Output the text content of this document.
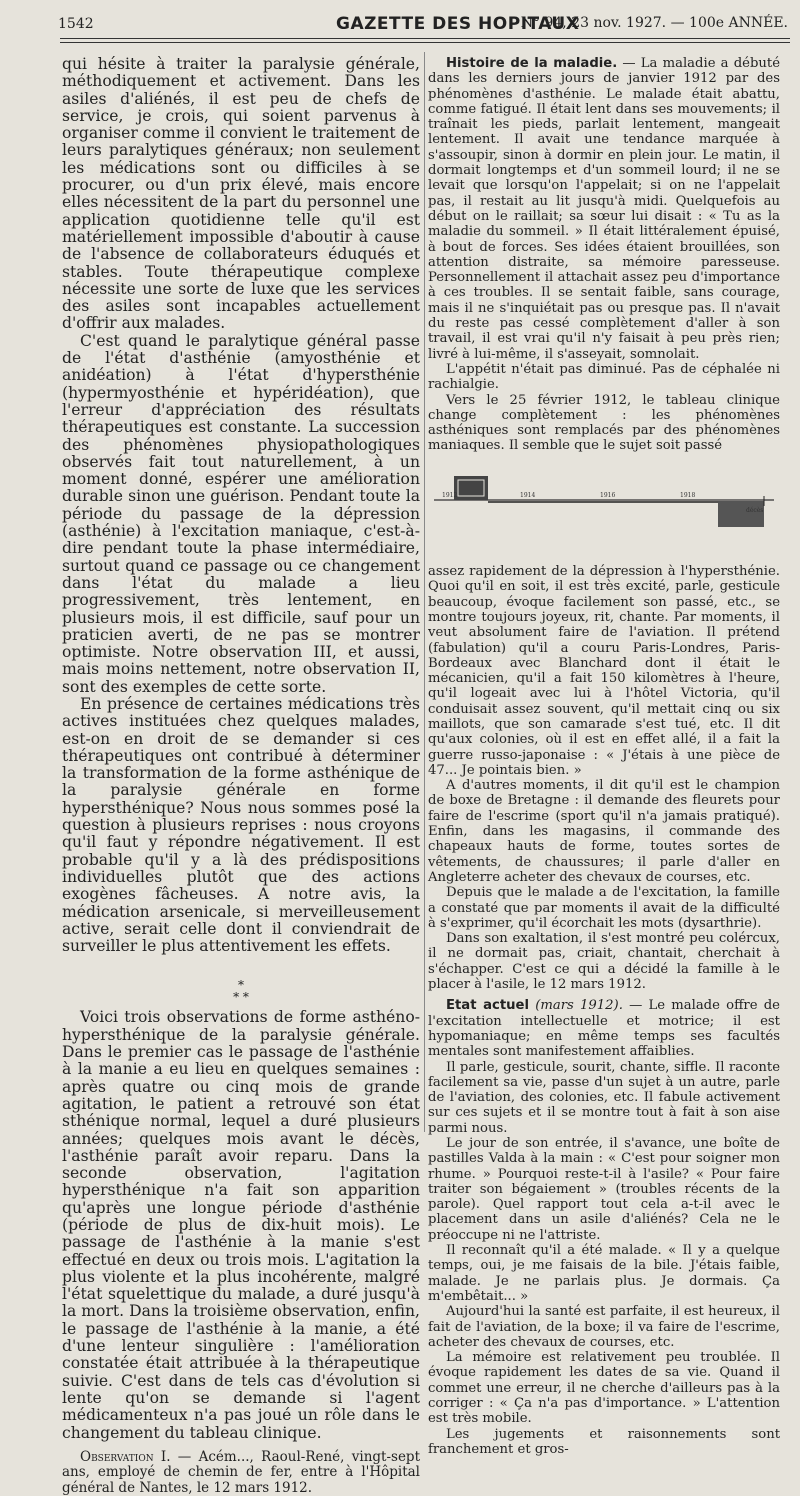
1542	GAZETTE DES HOPITAUX
N° 94, 23 nov. 1927. — 100e ANNÉE.

qui hésite à traiter la paralysie générale, méthodiquement et activement. Dans les asiles d'aliénés, il est peu de chefs de service, je crois, qui soient parvenus à organiser comme il convient le traitement de leurs paralytiques généraux; non seulement les médications sont ou difficiles à se procurer, ou d'un prix élevé, mais encore elles nécessitent de la part du personnel une application quotidienne telle qu'il est matériellement impossible d'aboutir à cause de l'absence de collaborateurs éduqués et stables. Toute thérapeutique complexe nécessite une sorte de luxe que les services des asiles sont incapables actuellement d'offrir aux malades.

C'est quand le paralytique général passe de l'état d'asthénie (amyosthénie et anidéation) à l'état d'hypersthénie (hypermyosthénie et hypéridéation), que l'erreur d'appréciation des résultats thérapeutiques est constante. La succession des phénomènes physiopathologiques observés fait tout naturellement, à un moment donné, espérer une amélioration durable sinon une guérison. Pendant toute la période du passage de la dépression (asthénie) à l'excitation maniaque, c'est-à-dire pendant toute la phase intermédiaire, surtout quand ce passage ou ce changement dans l'état du malade a lieu progressivement, très lentement, en plusieurs mois, il est difficile, sauf pour un praticien averti, de ne pas se montrer optimiste. Notre observation III, et aussi, mais moins nettement, notre observation II, sont des exemples de cette sorte.

En présence de certaines médications très actives instituées chez quelques malades, est-on en droit de se demander si ces thérapeutiques ont contribué à déterminer la transformation de la forme asthénique de la paralysie générale en forme hypersthénique? Nous nous sommes posé la question à plusieurs reprises : nous croyons qu'il faut y répondre négativement. Il est probable qu'il y a là des prédispositions individuelles plutôt que des actions exogènes fâcheuses. A notre avis, la médication arsenicale, si merveilleusement active, serait celle dont il conviendrait de surveiller le plus attentivement les effets.

*
* *

Voici trois observations de forme asthéno-hypersthénique de la paralysie générale. Dans le premier cas le passage de l'asthénie à la manie a eu lieu en quelques semaines : après quatre ou cinq mois de grande agitation, le patient a retrouvé son état sthénique normal, lequel a duré plusieurs années; quelques mois avant le décès, l'asthénie paraît avoir reparu. Dans la seconde observation, l'agitation hypersthénique n'a fait son apparition qu'après une longue période d'asthénie (période de plus de dix-huit mois). Le passage de l'asthénie à la manie s'est effectué en deux ou trois mois. L'agitation la plus violente et la plus incohérente, malgré l'état squelettique du malade, a duré jusqu'à la mort. Dans la troisième observation, enfin, le passage de l'asthénie à la manie, a été d'une lenteur singulière : l'amélioration constatée était attribuée à la thérapeutique suivie. C'est dans de tels cas d'évolution si lente qu'on se demande si l'agent médicamenteux n'a pas joué un rôle dans le changement du tableau clinique.

Observation I. — Acém..., Raoul-René, vingt-sept ans, employé de chemin de fer, entre à l'Hôpital général de Nantes, le 12 mars 1912.

Histoire de la maladie. — La maladie a débuté dans les derniers jours de janvier 1912 par des phénomènes d'asthénie. Le malade était abattu, comme fatigué. Il était lent dans ses mouvements; il traînait les pieds, parlait lentement, mangeait lentement. Il avait une tendance marquée à s'assoupir, sinon à dormir en plein jour. Le matin, il dormait longtemps et d'un sommeil lourd; il ne se levait que lorsqu'on l'appelait; si on ne l'appelait pas, il restait au lit jusqu'à midi. Quelquefois au début on le raillait; sa sœur lui disait : « Tu as la maladie du sommeil. » Il était littéralement épuisé, à bout de forces. Ses idées étaient brouillées, son attention distraite, sa mémoire paresseuse. Personnellement il attachait assez peu d'importance à ces troubles. Il se sentait faible, sans courage, mais il ne s'inquiétait pas ou presque pas. Il n'avait du reste pas cessé complètement d'aller à son travail, il est vrai qu'il n'y faisait à peu près rien; livré à lui-même, il s'asseyait, somnolait.

L'appétit n'était pas diminué. Pas de céphalée ni rachialgie.

Vers le 25 février 1912, le tableau clinique change complètement : les phénomènes asthéniques sont remplacés par des phénomènes maniaques. Il semble que le sujet soit passé

1912	1914	1916	1918
décès

assez rapidement de la dépression à l'hypersthénie. Quoi qu'il en soit, il est très excité, parle, gesticule beaucoup, évoque facilement son passé, etc., se montre toujours joyeux, rit, chante. Par moments, il veut absolument faire de l'aviation. Il prétend (fabulation) qu'il a couru Paris-Londres, Paris-Bordeaux avec Blanchard dont il était le mécanicien, qu'il a fait 150 kilomètres à l'heure, qu'il logeait avec lui à l'hôtel Victoria, qu'il conduisait assez souvent, qu'il mettait cinq ou six maillots, que son camarade s'est tué, etc. Il dit qu'aux colonies, où il est en effet allé, il a fait la guerre russo-japonaise : « J'étais à une pièce de 47... Je pointais bien. »

A d'autres moments, il dit qu'il est le champion de boxe de Bretagne : il demande des fleurets pour faire de l'escrime (sport qu'il n'a jamais pratiqué). Enfin, dans les magasins, il commande des chapeaux hauts de forme, toutes sortes de vêtements, de chaussures; il parle d'aller en Angleterre acheter des chevaux de courses, etc.

Depuis que le malade a de l'excitation, la famille a constaté que par moments il avait de la difficulté à s'exprimer, qu'il écorchait les mots (dysarthrie).

Dans son exaltation, il s'est montré peu colércux, il ne dormait pas, criait, chantait, cherchait à s'échapper. C'est ce qui a décidé la famille à le placer à l'asile, le 12 mars 1912.

Etat actuel (mars 1912). — Le malade offre de l'excitation intellectuelle et motrice; il est hypomaniaque; en même temps ses facultés mentales sont manifestement affaiblies.

Il parle, gesticule, sourit, chante, siffle. Il raconte facilement sa vie, passe d'un sujet à un autre, parle de l'aviation, des colonies, etc. Il fabule activement sur ces sujets et il se montre tout à fait à son aise parmi nous.

Le jour de son entrée, il s'avance, une boîte de pastilles Valda à la main : « C'est pour soigner mon rhume. » Pourquoi reste-t-il à l'asile? « Pour faire traiter son bégaiement » (troubles récents de la parole). Quel rapport tout cela a-t-il avec le placement dans un asile d'aliénés? Cela ne le préoccupe ni ne l'attriste.

Il reconnaît qu'il a été malade. « Il y a quelque temps, oui, je me faisais de la bile. J'étais faible, malade. Je ne parlais plus. Je dormais. Ça m'embêtait... »

Aujourd'hui la santé est parfaite, il est heureux, il fait de l'aviation, de la boxe; il va faire de l'escrime, acheter des chevaux de courses, etc.

La mémoire est relativement peu troublée. Il évoque rapidement les dates de sa vie. Quand il commet une erreur, il ne cherche d'ailleurs pas à la corriger : « Ça n'a pas d'importance. » L'attention est très mobile.

Les jugements et raisonnements sont franchement et gros-
